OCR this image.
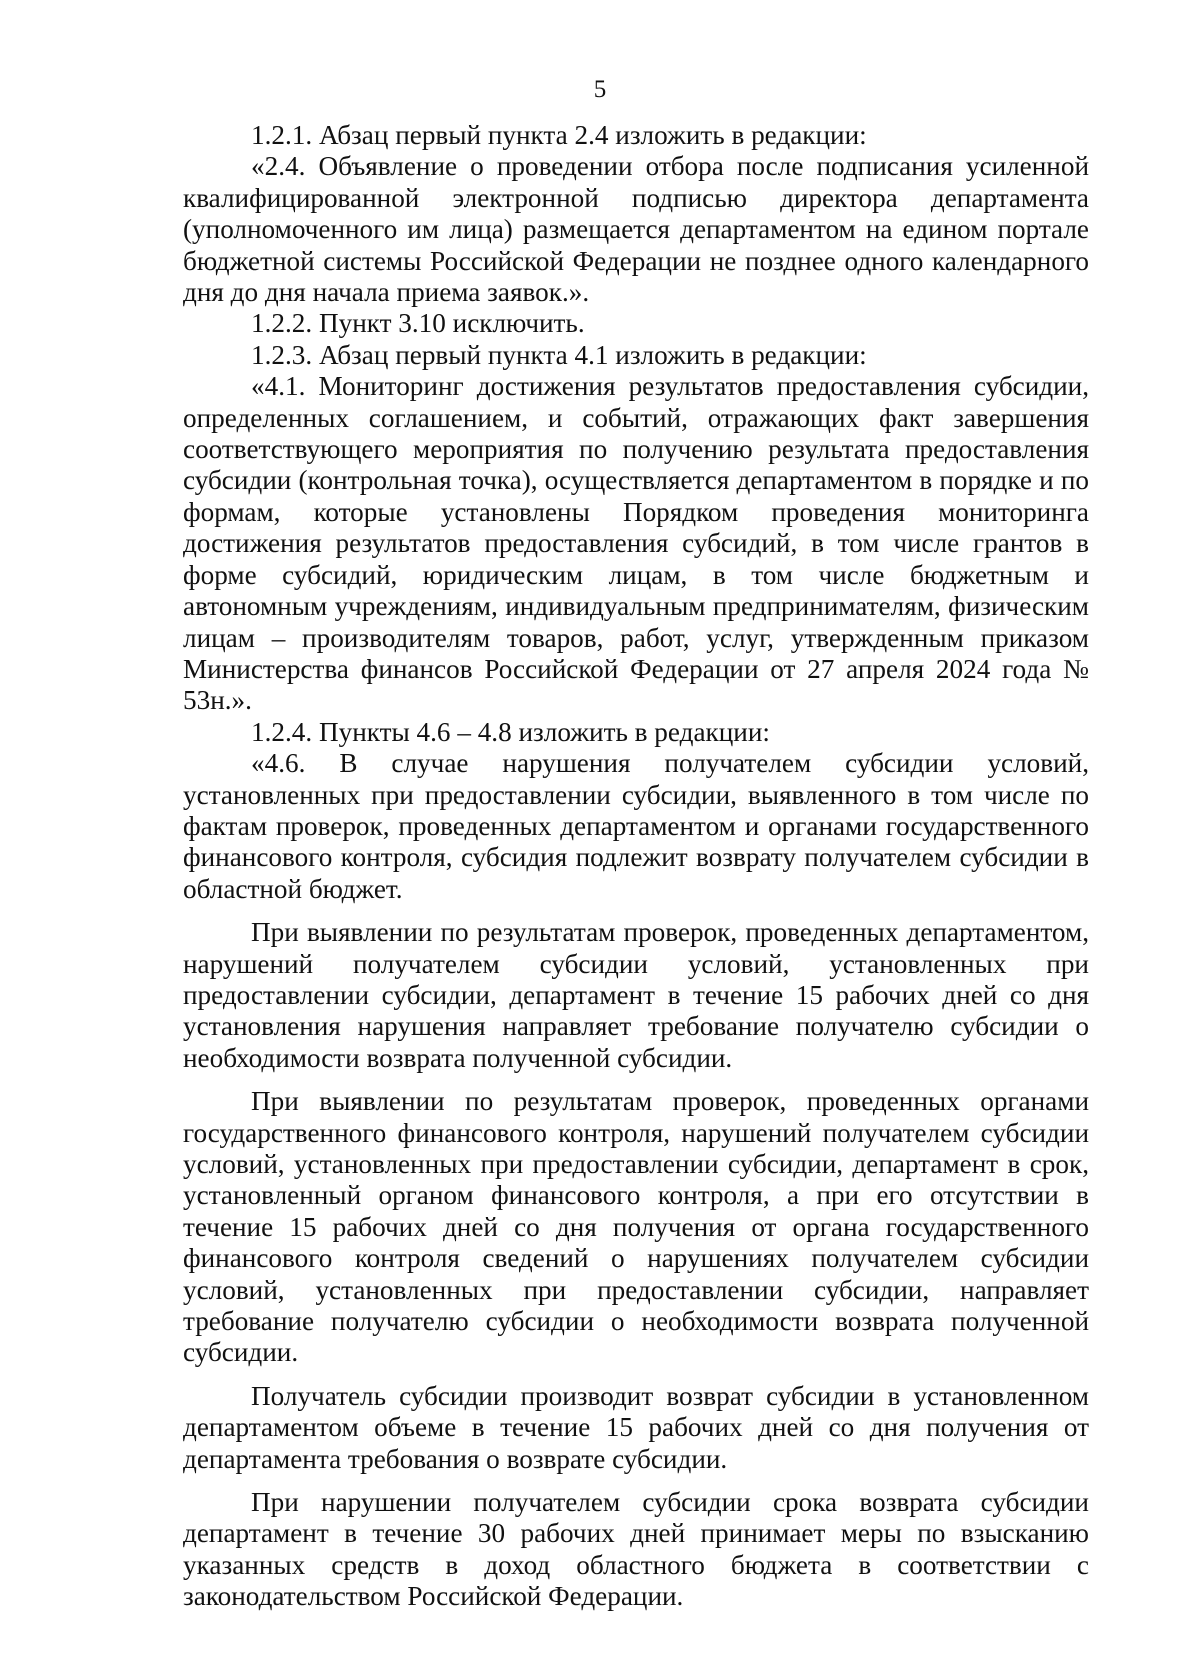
5

1.2.1. Абзац первый пункта 2.4 изложить в редакции:

«2.4. Объявление о проведении отбора после подписания усиленной квалифицированной электронной подписью директора департамента (уполномоченного им лица) размещается департаментом на едином портале бюджетной системы Российской Федерации не позднее одного календарного дня до дня начала приема заявок.».

1.2.2. Пункт 3.10 исключить.

1.2.3. Абзац первый пункта 4.1 изложить в редакции:

«4.1. Мониторинг достижения результатов предоставления субсидии, определенных соглашением, и событий, отражающих факт завершения соответствующего мероприятия по получению результата предоставления субсидии (контрольная точка), осуществляется департаментом в порядке и по формам, которые установлены Порядком проведения мониторинга достижения результатов предоставления субсидий, в том числе грантов в форме субсидий, юридическим лицам, в том числе бюджетным и автономным учреждениям, индивидуальным предпринимателям, физическим лицам – производителям товаров, работ, услуг, утвержденным приказом Министерства финансов Российской Федерации от 27 апреля 2024 года № 53н.».

1.2.4. Пункты 4.6 – 4.8 изложить в редакции:

«4.6. В случае нарушения получателем субсидии условий, установленных при предоставлении субсидии, выявленного в том числе по фактам проверок, проведенных департаментом и органами государственного финансового контроля, субсидия подлежит возврату получателем субсидии в областной бюджет.

При выявлении по результатам проверок, проведенных департаментом, нарушений получателем субсидии условий, установленных при предоставлении субсидии, департамент в течение 15 рабочих дней со дня установления нарушения направляет требование получателю субсидии о необходимости возврата полученной субсидии.

При выявлении по результатам проверок, проведенных органами государственного финансового контроля, нарушений получателем субсидии условий, установленных при предоставлении субсидии, департамент в срок, установленный органом финансового контроля, а при его отсутствии в течение 15 рабочих дней со дня получения от органа государственного финансового контроля сведений о нарушениях получателем субсидии условий, установленных при предоставлении субсидии, направляет требование получателю субсидии о необходимости возврата полученной субсидии.

Получатель субсидии производит возврат субсидии в установленном департаментом объеме в течение 15 рабочих дней со дня получения от департамента требования о возврате субсидии.

При нарушении получателем субсидии срока возврата субсидии департамент в течение 30 рабочих дней принимает меры по взысканию указанных средств в доход областного бюджета в соответствии с законодательством Российской Федерации.
